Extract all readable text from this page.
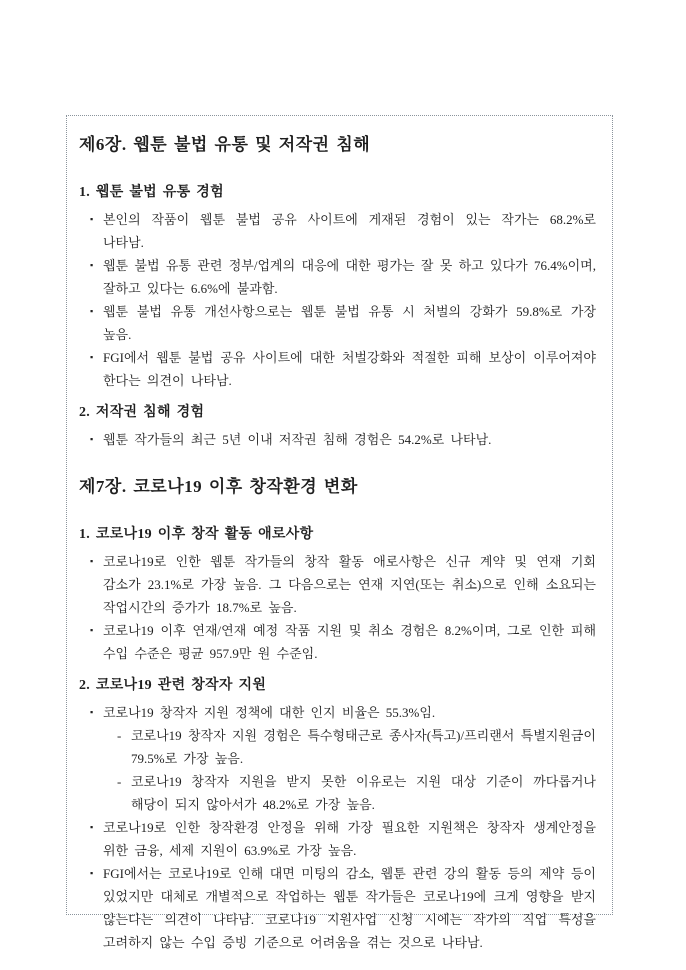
제6장. 웹툰 불법 유통 및 저작권 침해
1. 웹툰 불법 유통 경험
▪ 본인의 작품이 웹툰 불법 공유 사이트에 게재된 경험이 있는 작가는 68.2%로 나타남.
▪ 웹툰 불법 유통 관련 정부/업계의 대응에 대한 평가는 잘 못 하고 있다가 76.4%이며, 잘하고 있다는 6.6%에 불과함.
▪ 웹툰 불법 유통 개선사항으로는 웹툰 불법 유통 시 처벌의 강화가 59.8%로 가장 높음.
▪ FGI에서 웹툰 불법 공유 사이트에 대한 처벌강화와 적절한 피해 보상이 이루어져야 한다는 의견이 나타남.
2. 저작권 침해 경험
▪ 웹툰 작가들의 최근 5년 이내 저작권 침해 경험은 54.2%로 나타남.
제7장. 코로나19 이후 창작환경 변화
1. 코로나19 이후 창작 활동 애로사항
▪ 코로나19로 인한 웹툰 작가들의 창작 활동 애로사항은 신규 계약 및 연재 기회 감소가 23.1%로 가장 높음. 그 다음으로는 연재 지연(또는 취소)으로 인해 소요되는 작업시간의 증가가 18.7%로 높음.
▪ 코로나19 이후 연재/연재 예정 작품 지원 및 취소 경험은 8.2%이며, 그로 인한 피해 수입 수준은 평균 957.9만 원 수준임.
2. 코로나19 관련 창작자 지원
▪ 코로나19 창작자 지원 정책에 대한 인지 비율은 55.3%임.
- 코로나19 창작자 지원 경험은 특수형태근로 종사자(특고)/프리랜서 특별지원금이 79.5%로 가장 높음.
- 코로나19 창작자 지원을 받지 못한 이유로는 지원 대상 기준이 까다롭거나 해당이 되지 않아서가 48.2%로 가장 높음.
▪ 코로나19로 인한 창작환경 안정을 위해 가장 필요한 지원책은 창작자 생계안정을 위한 금융, 세제 지원이 63.9%로 가장 높음.
▪ FGI에서는 코로나19로 인해 대면 미팅의 감소, 웹툰 관련 강의 활동 등의 제약 등이 있었지만 대체로 개별적으로 작업하는 웹툰 작가들은 코로나19에 크게 영향을 받지 않는다는 의견이 나타남. 코로나19 지원사업 신청 시에는 작가의 직업 특성을 고려하지 않는 수입 증빙 기준으로 어려움을 겪는 것으로 나타남.
